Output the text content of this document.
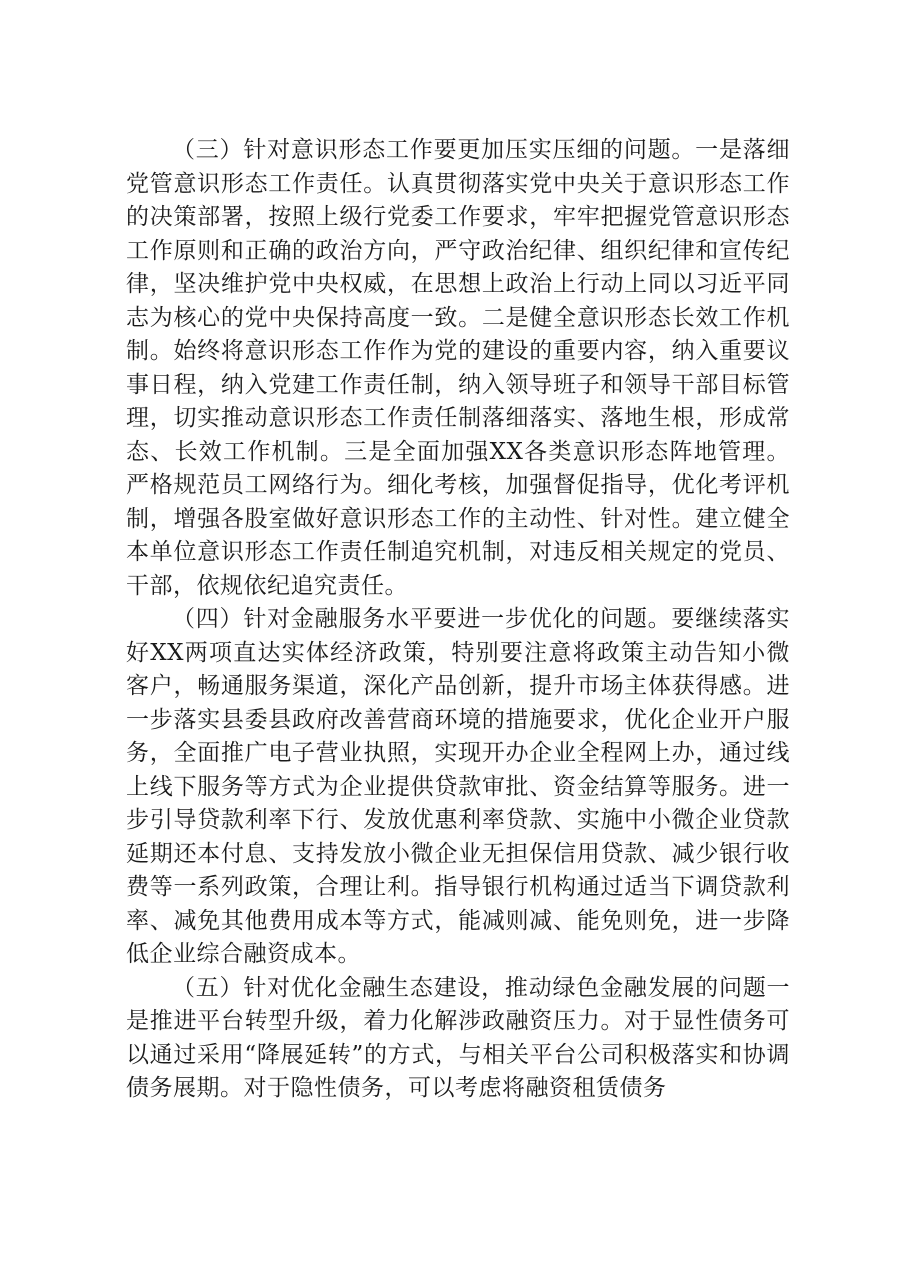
（三）针对意识形态工作要更加压实压细的问题。一是落细党管意识形态工作责任。认真贯彻落实党中央关于意识形态工作的决策部署，按照上级行党委工作要求，牢牢把握党管意识形态工作原则和正确的政治方向，严守政治纪律、组织纪律和宣传纪律，坚决维护党中央权威，在思想上政治上行动上同以习近平同志为核心的党中央保持高度一致。二是健全意识形态长效工作机制。始终将意识形态工作作为党的建设的重要内容，纳入重要议事日程，纳入党建工作责任制，纳入领导班子和领导干部目标管理，切实推动意识形态工作责任制落细落实、落地生根，形成常态、长效工作机制。三是全面加强XX各类意识形态阵地管理。严格规范员工网络行为。细化考核，加强督促指导，优化考评机制，增强各股室做好意识形态工作的主动性、针对性。建立健全本单位意识形态工作责任制追究机制，对违反相关规定的党员、干部，依规依纪追究责任。

（四）针对金融服务水平要进一步优化的问题。要继续落实好XX两项直达实体经济政策，特别要注意将政策主动告知小微客户，畅通服务渠道，深化产品创新，提升市场主体获得感。进一步落实县委县政府改善营商环境的措施要求，优化企业开户服务，全面推广电子营业执照，实现开办企业全程网上办，通过线上线下服务等方式为企业提供贷款审批、资金结算等服务。进一步引导贷款利率下行、发放优惠利率贷款、实施中小微企业贷款延期还本付息、支持发放小微企业无担保信用贷款、减少银行收费等一系列政策，合理让利。指导银行机构通过适当下调贷款利率、减免其他费用成本等方式，能减则减、能免则免，进一步降低企业综合融资成本。

（五）针对优化金融生态建设，推动绿色金融发展的问题一是推进平台转型升级，着力化解涉政融资压力。对于显性债务可以通过采用“降展延转”的方式，与相关平台公司积极落实和协调债务展期。对于隐性债务，可以考虑将融资租赁债务
